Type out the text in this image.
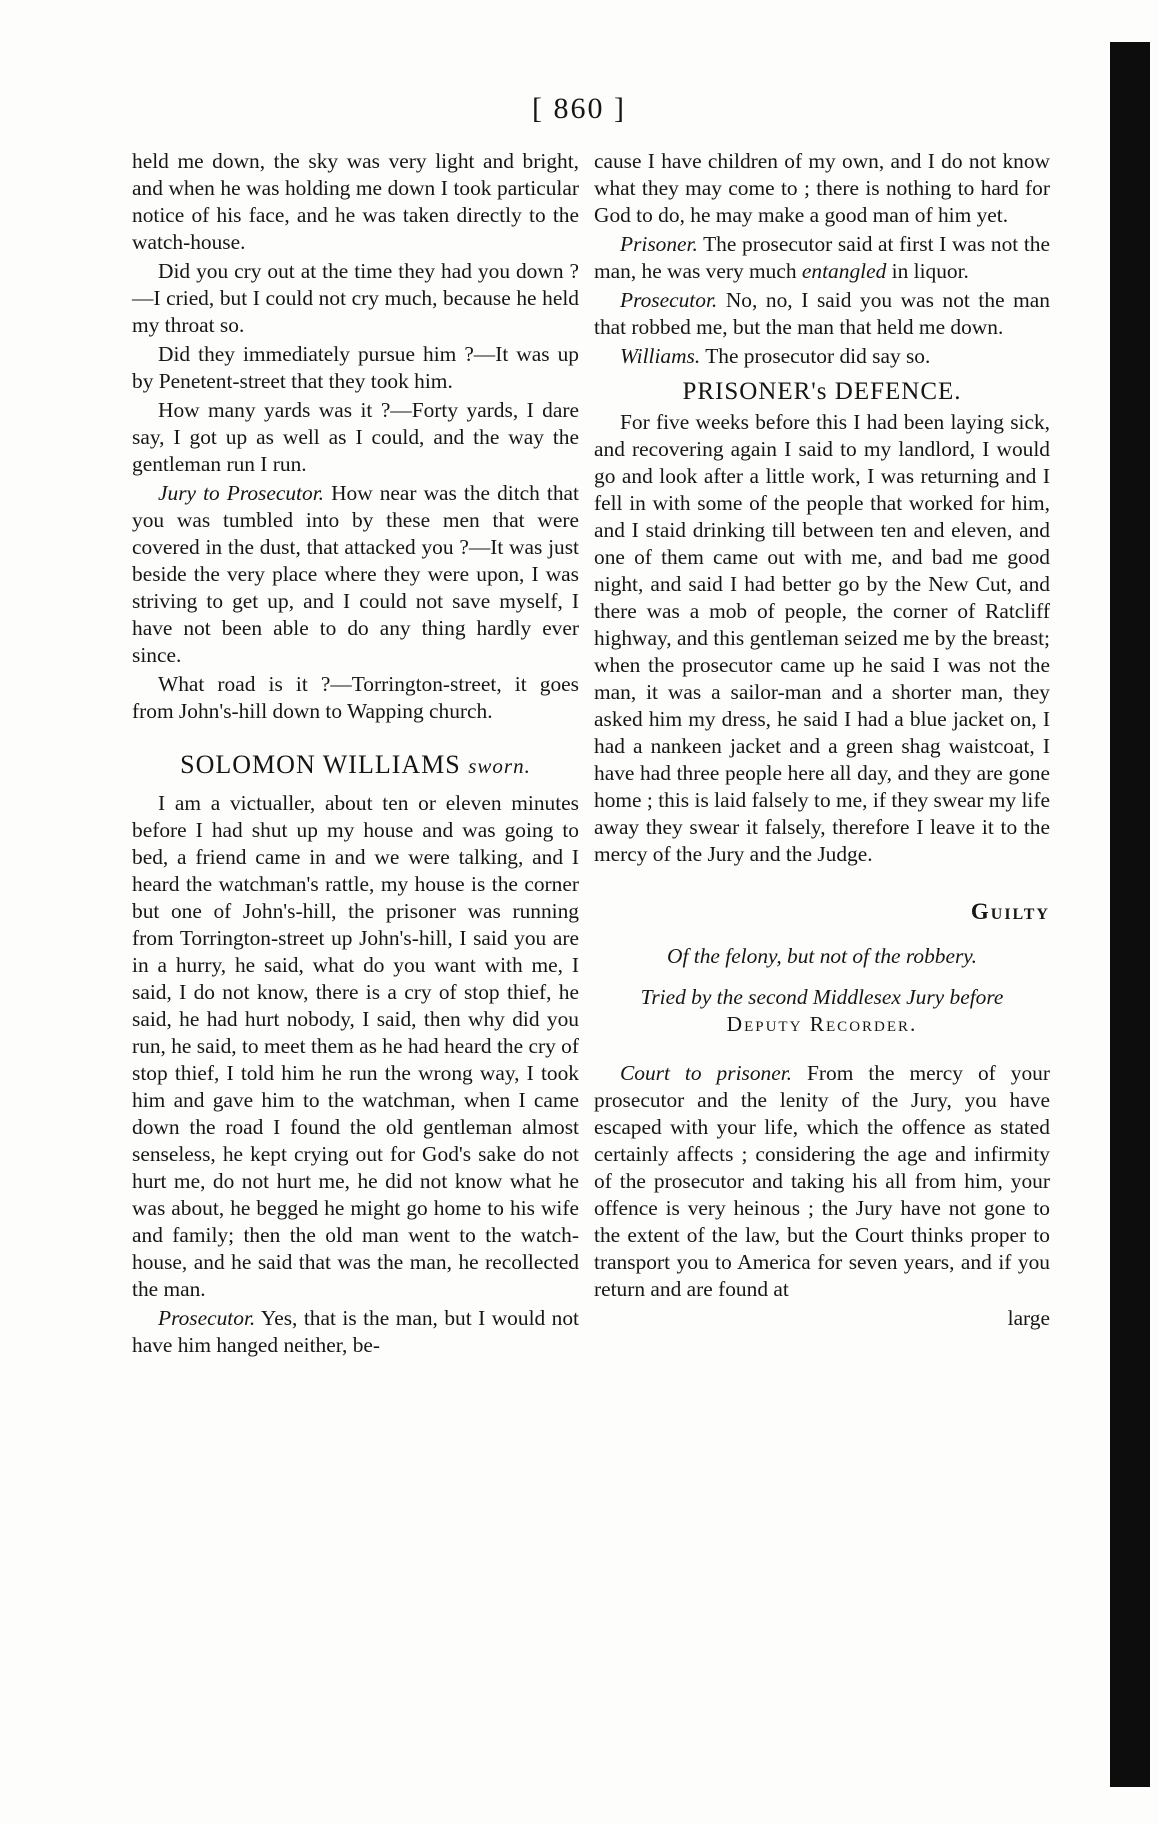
[ 860 ]

held me down, the sky was very light and bright, and when he was holding me down I took particular notice of his face, and he was taken directly to the watch-house.

Did you cry out at the time they had you down ?—I cried, but I could not cry much, because he held my throat so.

Did they immediately pursue him ?—It was up by Penetent-street that they took him.

How many yards was it ?—Forty yards, I dare say, I got up as well as I could, and the way the gentleman run I run.

Jury to Prosecutor. How near was the ditch that you was tumbled into by these men that were covered in the dust, that attacked you ?—It was just beside the very place where they were upon, I was striving to get up, and I could not save myself, I have not been able to do any thing hardly ever since.

What road is it ?—Torrington-street, it goes from John's-hill down to Wapping church.

SOLOMON WILLIAMS sworn.

I am a victualler, about ten or eleven minutes before I had shut up my house and was going to bed, a friend came in and we were talking, and I heard the watchman's rattle, my house is the corner but one of John's-hill, the prisoner was running from Torrington-street up John's-hill, I said you are in a hurry, he said, what do you want with me, I said, I do not know, there is a cry of stop thief, he said, he had hurt nobody, I said, then why did you run, he said, to meet them as he had heard the cry of stop thief, I told him he run the wrong way, I took him and gave him to the watchman, when I came down the road I found the old gentleman almost senseless, he kept crying out for God's sake do not hurt me, do not hurt me, he did not know what he was about, he begged he might go home to his wife and family; then the old man went to the watch-house, and he said that was the man, he recollected the man.

Prosecutor. Yes, that is the man, but I would not have him hanged neither, be-

cause I have children of my own, and I do not know what they may come to ; there is nothing to hard for God to do, he may make a good man of him yet.

Prisoner. The prosecutor said at first I was not the man, he was very much entangled in liquor.

Prosecutor. No, no, I said you was not the man that robbed me, but the man that held me down.

Williams. The prosecutor did say so.

PRISONER's DEFENCE.

For five weeks before this I had been laying sick, and recovering again I said to my landlord, I would go and look after a little work, I was returning and I fell in with some of the people that worked for him, and I staid drinking till between ten and eleven, and one of them came out with me, and bad me good night, and said I had better go by the New Cut, and there was a mob of people, the corner of Ratcliff highway, and this gentleman seized me by the breast; when the prosecutor came up he said I was not the man, it was a sailor-man and a shorter man, they asked him my dress, he said I had a blue jacket on, I had a nankeen jacket and a green shag waistcoat, I have had three people here all day, and they are gone home ; this is laid falsely to me, if they swear my life away they swear it falsely, therefore I leave it to the mercy of the Jury and the Judge.

Guilty
Of the felony, but not of the robbery.
Tried by the second Middlesex Jury before
Deputy Recorder.

Court to prisoner. From the mercy of your prosecutor and the lenity of the Jury, you have escaped with your life, which the offence as stated certainly affects ; considering the age and infirmity of the prosecutor and taking his all from him, your offence is very heinous ; the Jury have not gone to the extent of the law, but the Court thinks proper to transport you to America for seven years, and if you return and are found at

large
